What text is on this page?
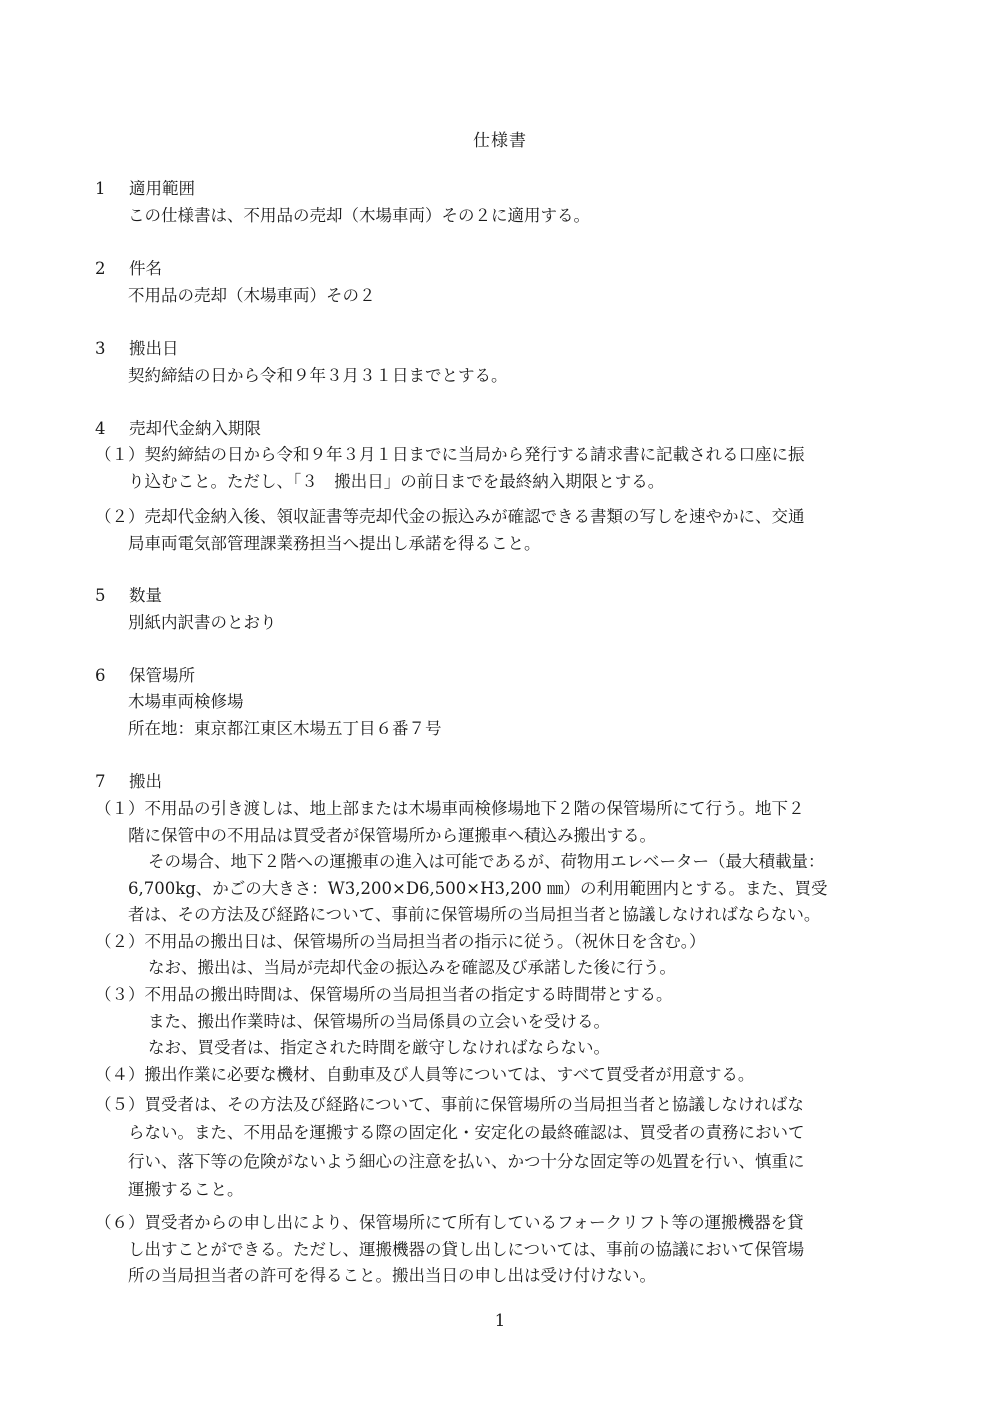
仕様書
1 適用範囲
この仕様書は、不用品の売却（木場車両）その２に適用する。
2 件名
不用品の売却（木場車両）その２
3 搬出日
契約締結の日から令和９年３月３１日までとする。
4 売却代金納入期限
（１）契約締結の日から令和９年３月１日までに当局から発行する請求書に記載される口座に振
り込むこと。ただし、「３　搬出日」の前日までを最終納入期限とする。
（２）売却代金納入後、領収証書等売却代金の振込みが確認できる書類の写しを速やかに、交通
局車両電気部管理課業務担当へ提出し承諾を得ること。
5 数量
別紙内訳書のとおり
6 保管場所
木場車両検修場
所在地：東京都江東区木場五丁目６番７号
7 搬出
（１）不用品の引き渡しは、地上部または木場車両検修場地下２階の保管場所にて行う。地下２
階に保管中の不用品は買受者が保管場所から運搬車へ積込み搬出する。
その場合、地下２階への運搬車の進入は可能であるが、荷物用エレベーター（最大積載量：
6,700kg、かごの大きさ：W3,200×D6,500×H3,200 ㎜）の利用範囲内とする。また、買受
者は、その方法及び経路について、事前に保管場所の当局担当者と協議しなければならない。
（２）不用品の搬出日は、保管場所の当局担当者の指示に従う。（祝休日を含む。）
なお、搬出は、当局が売却代金の振込みを確認及び承諾した後に行う。
（３）不用品の搬出時間は、保管場所の当局担当者の指定する時間帯とする。
また、搬出作業時は、保管場所の当局係員の立会いを受ける。
なお、買受者は、指定された時間を厳守しなければならない。
（４）搬出作業に必要な機材、自動車及び人員等については、すべて買受者が用意する。
（５）買受者は、その方法及び経路について、事前に保管場所の当局担当者と協議しなければな
らない。また、不用品を運搬する際の固定化・安定化の最終確認は、買受者の責務において
行い、落下等の危険がないよう細心の注意を払い、かつ十分な固定等の処置を行い、慎重に
運搬すること。
（６）買受者からの申し出により、保管場所にて所有しているフォークリフト等の運搬機器を貸
し出すことができる。ただし、運搬機器の貸し出しについては、事前の協議において保管場
所の当局担当者の許可を得ること。搬出当日の申し出は受け付けない。
1
